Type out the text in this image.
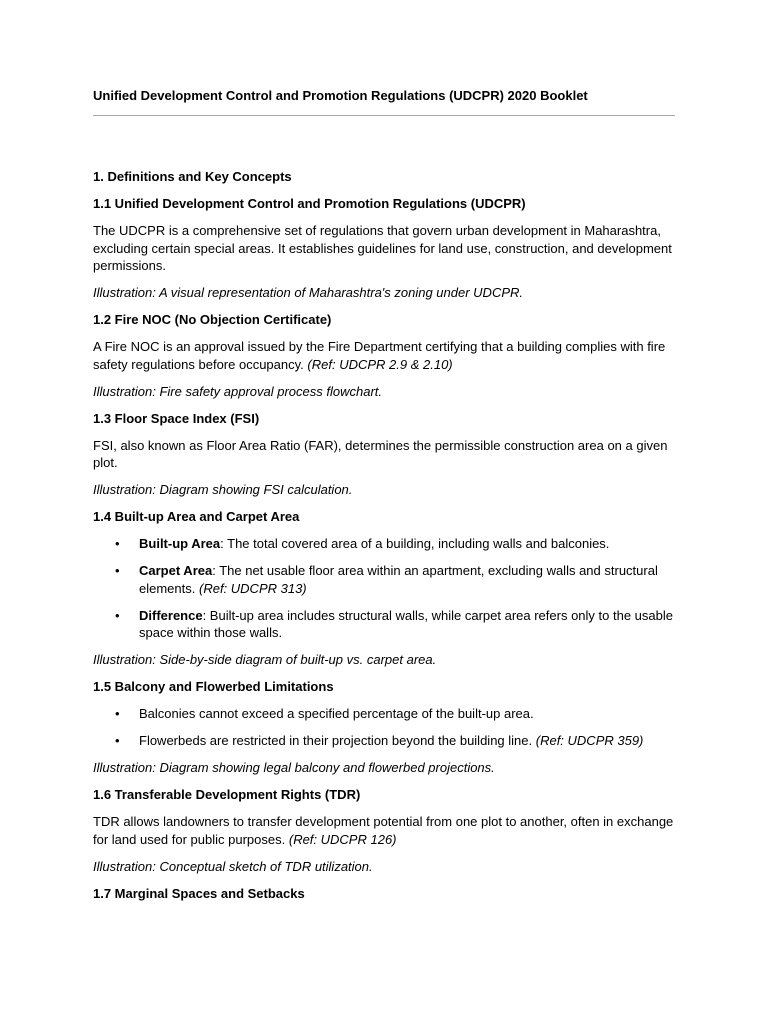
Unified Development Control and Promotion Regulations (UDCPR) 2020 Booklet

1. Definitions and Key Concepts

1.1 Unified Development Control and Promotion Regulations (UDCPR)

The UDCPR is a comprehensive set of regulations that govern urban development in Maharashtra, excluding certain special areas. It establishes guidelines for land use, construction, and development permissions.

Illustration: A visual representation of Maharashtra's zoning under UDCPR.

1.2 Fire NOC (No Objection Certificate)

A Fire NOC is an approval issued by the Fire Department certifying that a building complies with fire safety regulations before occupancy. (Ref: UDCPR 2.9 & 2.10)

Illustration: Fire safety approval process flowchart.

1.3 Floor Space Index (FSI)

FSI, also known as Floor Area Ratio (FAR), determines the permissible construction area on a given plot.

Illustration: Diagram showing FSI calculation.

1.4 Built-up Area and Carpet Area

• Built-up Area: The total covered area of a building, including walls and balconies.
• Carpet Area: The net usable floor area within an apartment, excluding walls and structural elements. (Ref: UDCPR 313)
• Difference: Built-up area includes structural walls, while carpet area refers only to the usable space within those walls.

Illustration: Side-by-side diagram of built-up vs. carpet area.

1.5 Balcony and Flowerbed Limitations

• Balconies cannot exceed a specified percentage of the built-up area.
• Flowerbeds are restricted in their projection beyond the building line. (Ref: UDCPR 359)

Illustration: Diagram showing legal balcony and flowerbed projections.

1.6 Transferable Development Rights (TDR)

TDR allows landowners to transfer development potential from one plot to another, often in exchange for land used for public purposes. (Ref: UDCPR 126)

Illustration: Conceptual sketch of TDR utilization.

1.7 Marginal Spaces and Setbacks
